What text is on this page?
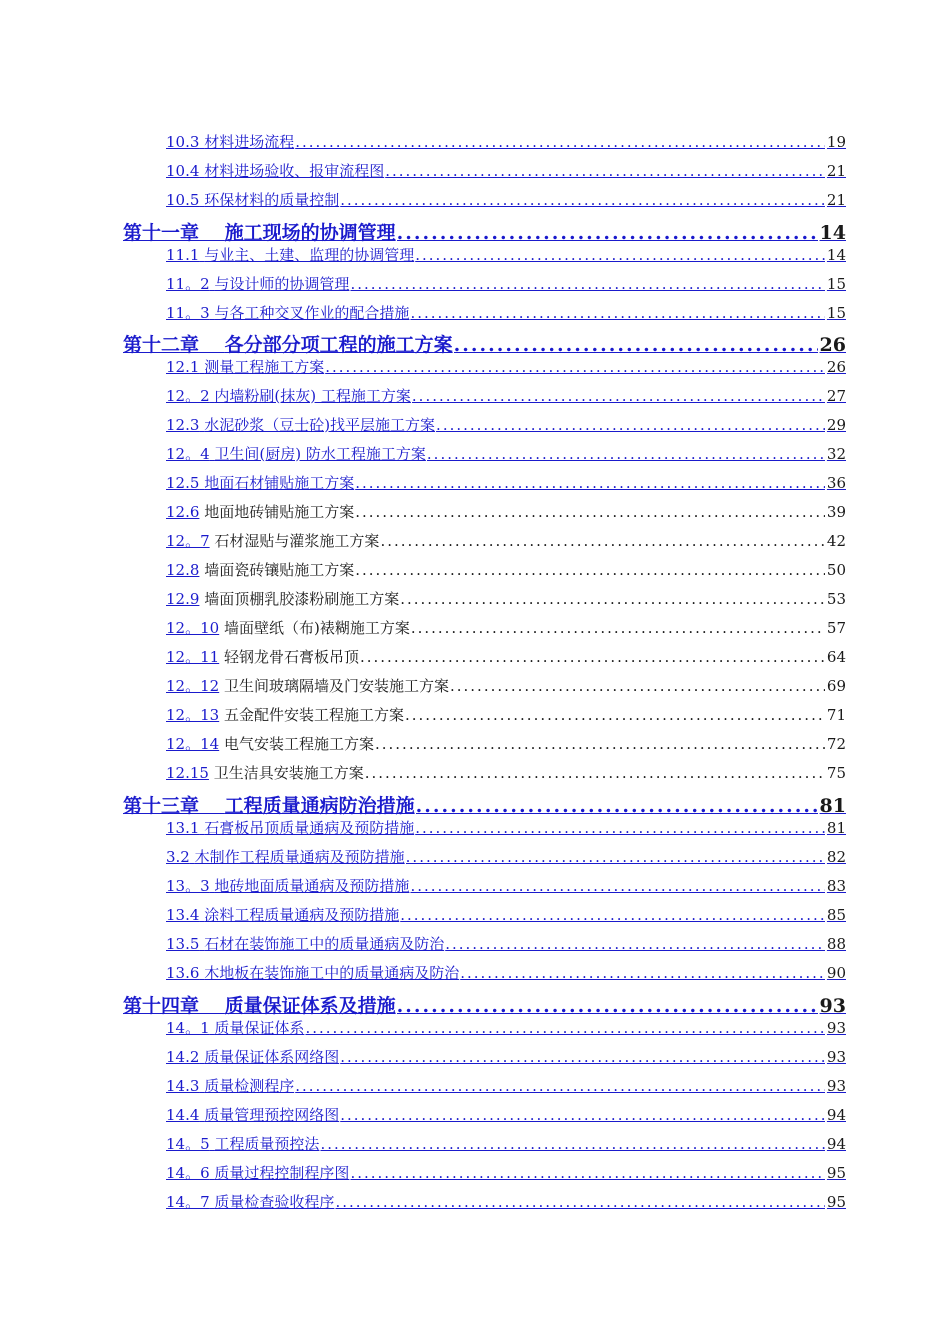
10.3 材料进场流程 .....	19
10.4 材料进场验收、报审流程图 .....	21
10.5 环保材料的质量控制 .....	21
第十一章　 施工现场的协调管理 .....	14
11.1 与业主、土建、监理的协调管理 .....	14
11。2 与设计师的协调管理 .....	15
11。3 与各工种交叉作业的配合措施 .....	15
第十二章　 各分部分项工程的施工方案 .....	26
12.1 测量工程施工方案 .....	26
12。2 内墙粉刷(抹灰) 工程施工方案 .....	27
12.3 水泥砂浆（豆士砼)找平层施工方案 .....	29
12。4 卫生间(厨房) 防水工程施工方案 .....	32
12.5 地面石材铺贴施工方案 .....	36
12.6 地面地砖铺贴施工方案 .....	39
12。7 石材湿贴与灌浆施工方案 .....	42
12.8 墙面瓷砖镶贴施工方案 .....	50
12.9 墙面顶棚乳胶漆粉刷施工方案 .....	53
12。10 墙面壁纸（布)裱糊施工方案 .....	57
12。11 轻钢龙骨石膏板吊顶 .....	64
12。12 卫生间玻璃隔墙及门安装施工方案 .....	69
12。13 五金配件安装工程施工方案 .....	71
12。14 电气安装工程施工方案 .....	72
12.15 卫生洁具安装施工方案 .....	75
第十三章　 工程质量通病防治措施 .....	81
13.1 石膏板吊顶质量通病及预防措施 .....	81
3.2 木制作工程质量通病及预防措施 .....	82
13。3 地砖地面质量通病及预防措施 .....	83
13.4 涂料工程质量通病及预防措施 .....	85
13.5 石材在装饰施工中的质量通病及防治 .....	88
13.6 木地板在装饰施工中的质量通病及防治 .....	90
第十四章　 质量保证体系及措施 .....	93
14。1 质量保证体系 .....	93
14.2 质量保证体系网络图 .....	93
14.3 质量检测程序 .....	93
14.4 质量管理预控网络图 .....	94
14。5 工程质量预控法 .....	94
14。6 质量过程控制程序图 .....	95
14。7 质量检查验收程序 .....	95
